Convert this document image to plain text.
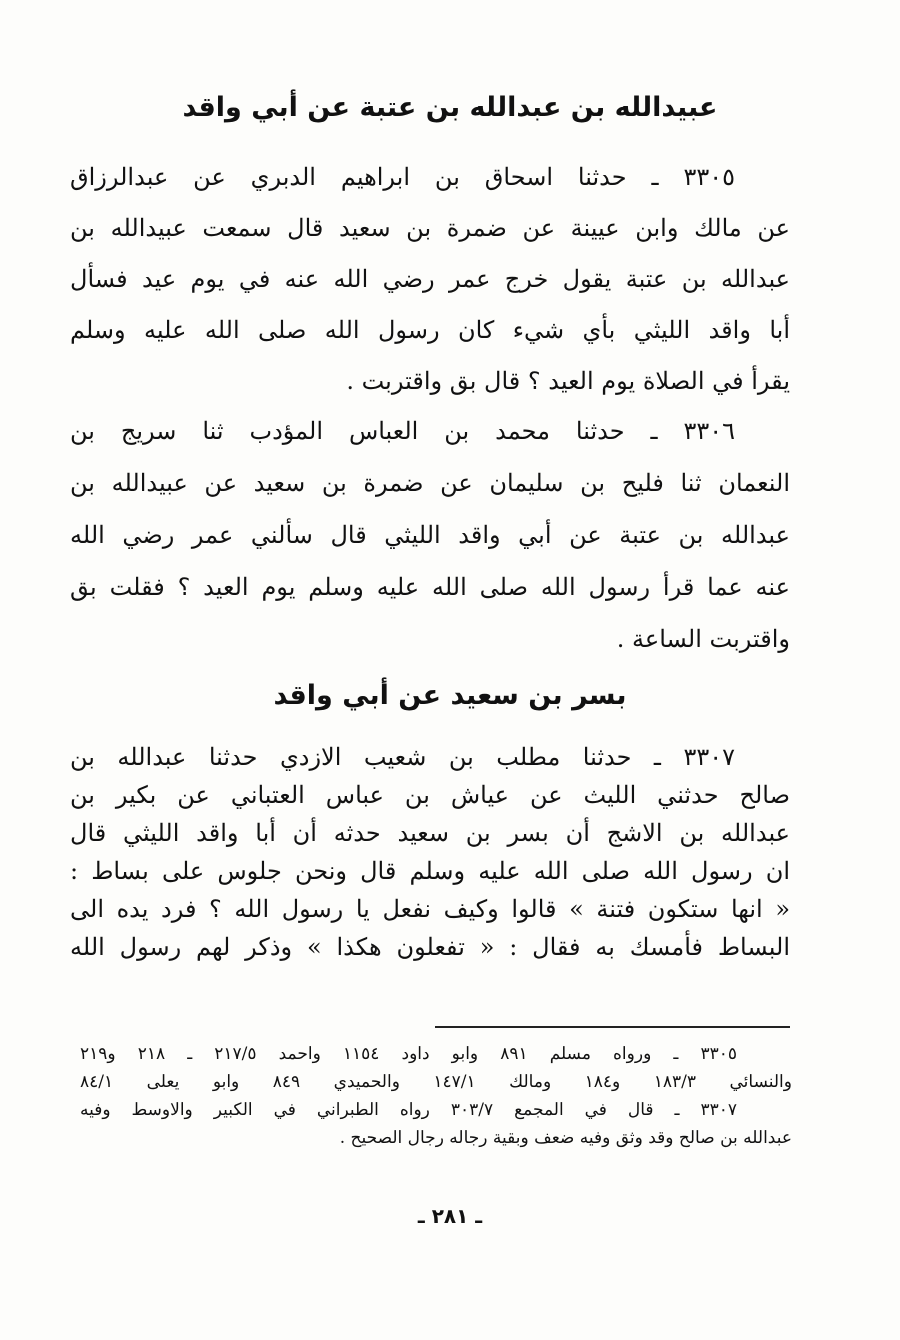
عبيدالله بن عبدالله بن عتبة عن أبي واقد
٣٣٠٥ ـ حدثنا اسحاق بن ابراهيم الدبري عن عبدالرزاق
عن مالك وابن عيينة عن ضمرة بن سعيد قال سمعت عبيدالله بن
عبدالله بن عتبة يقول خرج عمر رضي الله عنه في يوم عيد فسأل
أبا واقد الليثي بأي شيء كان رسول الله صلى الله عليه وسلم
يقرأ في الصلاة يوم العيد ؟ قال بق واقتربت .
٣٣٠٦ ـ حدثنا محمد بن العباس المؤدب ثنا سريج بن
النعمان ثنا فليح بن سليمان عن ضمرة بن سعيد عن عبيدالله بن
عبدالله بن عتبة عن أبي واقد الليثي قال سألني عمر رضي الله
عنه عما قرأ رسول الله صلى الله عليه وسلم يوم العيد ؟ فقلت بق
واقتربت الساعة .
بسر بن سعيد عن أبي واقد
٣٣٠٧ ـ حدثنا مطلب بن شعيب الازدي حدثنا عبدالله بن
صالح حدثني الليث عن عياش بن عباس العتباني عن بكير بن
عبدالله بن الاشج أن بسر بن سعيد حدثه أن أبا واقد الليثي قال
ان رسول الله صلى الله عليه وسلم قال ونحن جلوس على بساط :
« انها ستكون فتنة » قالوا وكيف نفعل يا رسول الله ؟ فرد يده الى
البساط فأمسك به فقال : « تفعلون هكذا » وذكر لهم رسول الله
٣٣٠٥ ـ ورواه مسلم ٨٩١ وابو داود ١١٥٤ واحمد ٢١٧/٥ ـ ٢١٨ و٢١٩
والنسائي ١٨٣/٣ و١٨٤ ومالك ١٤٧/١ والحميدي ٨٤٩ وابو يعلى ٨٤/١
٣٣٠٧ ـ قال في المجمع ٣٠٣/٧ رواه الطبراني في الكبير والاوسط وفيه
عبدالله بن صالح وقد وثق وفيه ضعف وبقية رجاله رجال الصحيح .
ـ ٢٨١ ـ
